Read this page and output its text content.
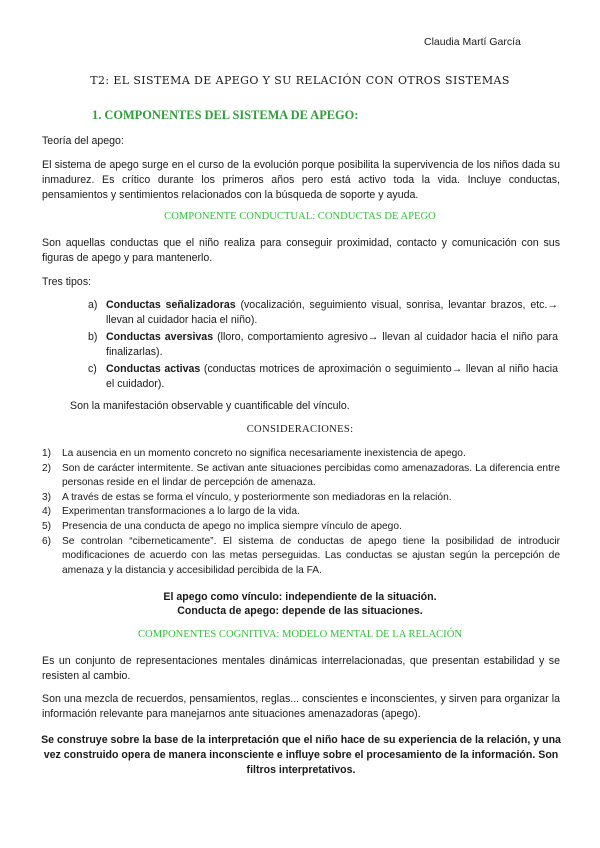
Claudia Martí García
T2: EL SISTEMA DE APEGO Y SU RELACIÓN CON OTROS SISTEMAS
1. COMPONENTES DEL SISTEMA DE APEGO:
Teoría del apego:
El sistema de apego surge en el curso de la evolución porque posibilita la supervivencia de los niños dada su inmadurez. Es crítico durante los primeros años pero está activo toda la vida. Incluye conductas, pensamientos y sentimientos relacionados con la búsqueda de soporte y ayuda.
COMPONENTE CONDUCTUAL: CONDUCTAS DE APEGO
Son aquellas conductas que el niño realiza para conseguir proximidad, contacto y comunicación con sus figuras de apego y para mantenerlo.
Tres tipos:
a) Conductas señalizadoras (vocalización, seguimiento visual, sonrisa, levantar brazos, etc.→ llevan al cuidador hacia el niño).
b) Conductas aversivas (lloro, comportamiento agresivo→ llevan al cuidador hacia el niño para finalizarlas).
c) Conductas activas (conductas motrices de aproximación o seguimiento→ llevan al niño hacia el cuidador).
Son la manifestación observable y cuantificable del vínculo.
CONSIDERACIONES:
1) La ausencia en un momento concreto no significa necesariamente inexistencia de apego.
2) Son de carácter intermitente. Se activan ante situaciones percibidas como amenazadoras. La diferencia entre personas reside en el lindar de percepción de amenaza.
3) A través de estas se forma el vínculo, y posteriormente son mediadoras en la relación.
4) Experimentan transformaciones a lo largo de la vida.
5) Presencia de una conducta de apego no implica siempre vínculo de apego.
6) Se controlan “ciberneticamente”. El sistema de conductas de apego tiene la posibilidad de introducir modificaciones de acuerdo con las metas perseguidas. Las conductas se ajustan según la percepción de amenaza y la distancia y accesibilidad percibida de la FA.
El apego como vínculo: independiente de la situación.
Conducta de apego: depende de las situaciones.
COMPONENTES COGNITIVA: MODELO MENTAL DE LA RELACIÓN
Es un conjunto de representaciones mentales dinámicas interrelacionadas, que presentan estabilidad y se resisten al cambio.
Son una mezcla de recuerdos, pensamientos, reglas... conscientes e inconscientes, y sirven para organizar la información relevante para manejarnos ante situaciones amenazadoras (apego).
Se construye sobre la base de la interpretación que el niño hace de su experiencia de la relación, y una vez construido opera de manera inconsciente e influye sobre el procesamiento de la información. Son filtros interpretativos.
